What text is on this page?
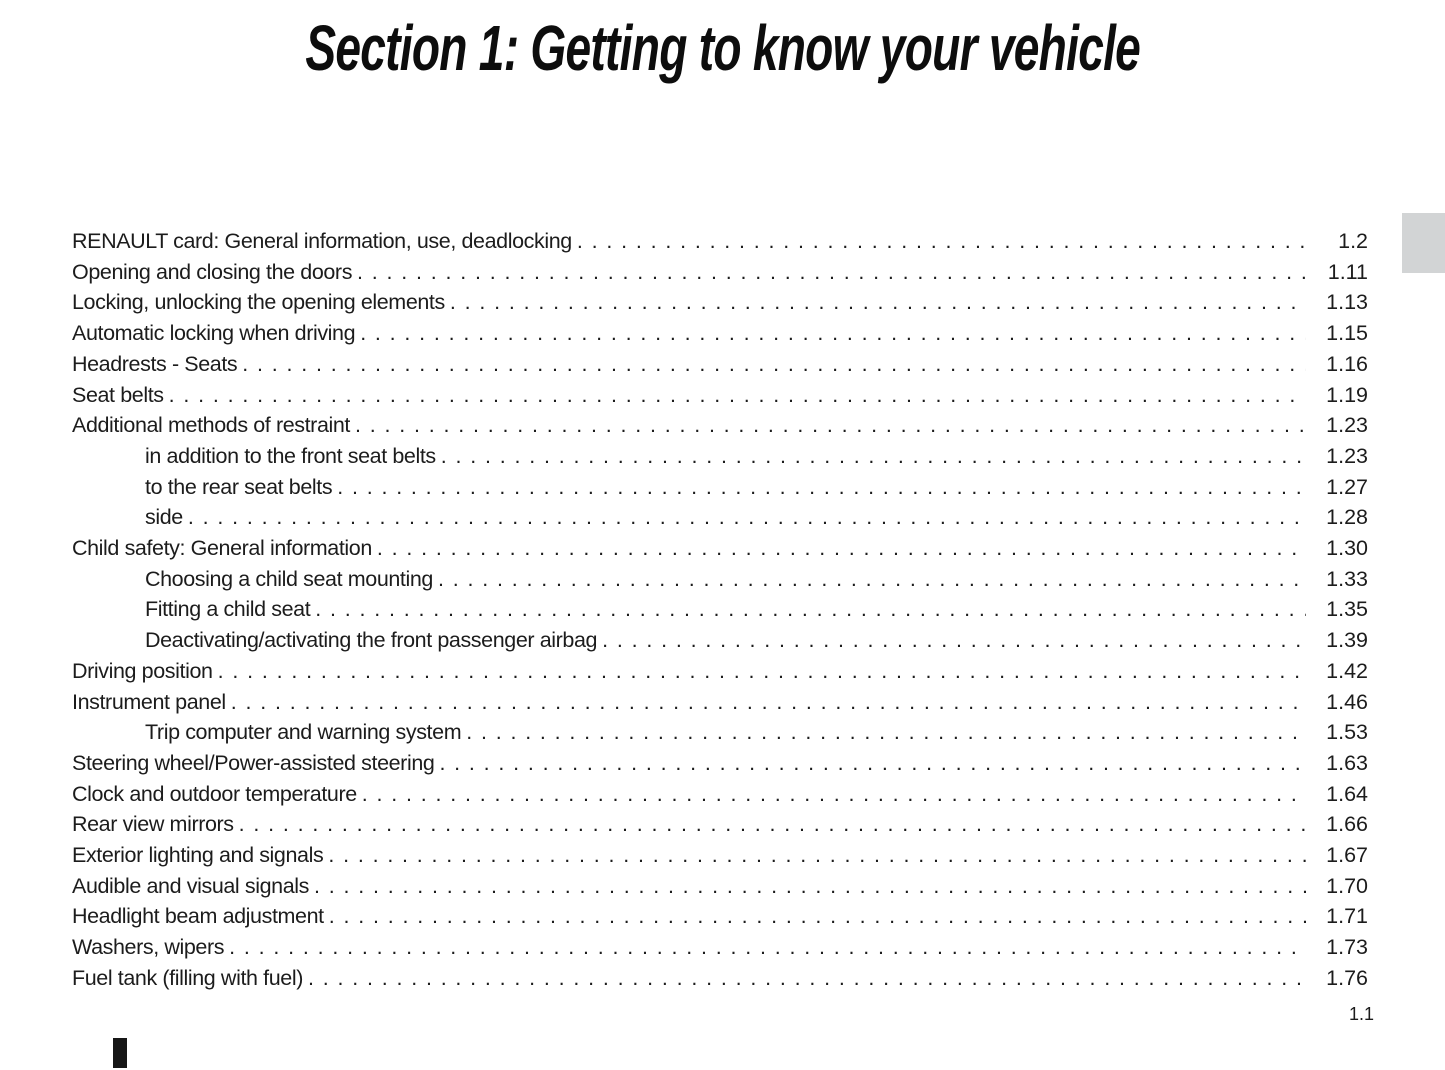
Section 1: Getting to know your vehicle
RENAULT card: General information, use, deadlocking . . .	1.2
Opening and closing the doors . . .	1.11
Locking, unlocking the opening elements . . .	1.13
Automatic locking when driving . . .	1.15
Headrests - Seats . . .	1.16
Seat belts . . .	1.19
Additional methods of restraint . . .	1.23
in addition to the front seat belts . . .	1.23
to the rear seat belts . . .	1.27
side . . .	1.28
Child safety: General information . . .	1.30
Choosing a child seat mounting . . .	1.33
Fitting a child seat . . .	1.35
Deactivating/activating the front passenger airbag . . .	1.39
Driving position . . .	1.42
Instrument panel . . .	1.46
Trip computer and warning system . . .	1.53
Steering wheel/Power-assisted steering . . .	1.63
Clock and outdoor temperature . . .	1.64
Rear view mirrors . . .	1.66
Exterior lighting and signals . . .	1.67
Audible and visual signals . . .	1.70
Headlight beam adjustment . . .	1.71
Washers, wipers . . .	1.73
Fuel tank (filling with fuel) . . .	1.76
1.1
